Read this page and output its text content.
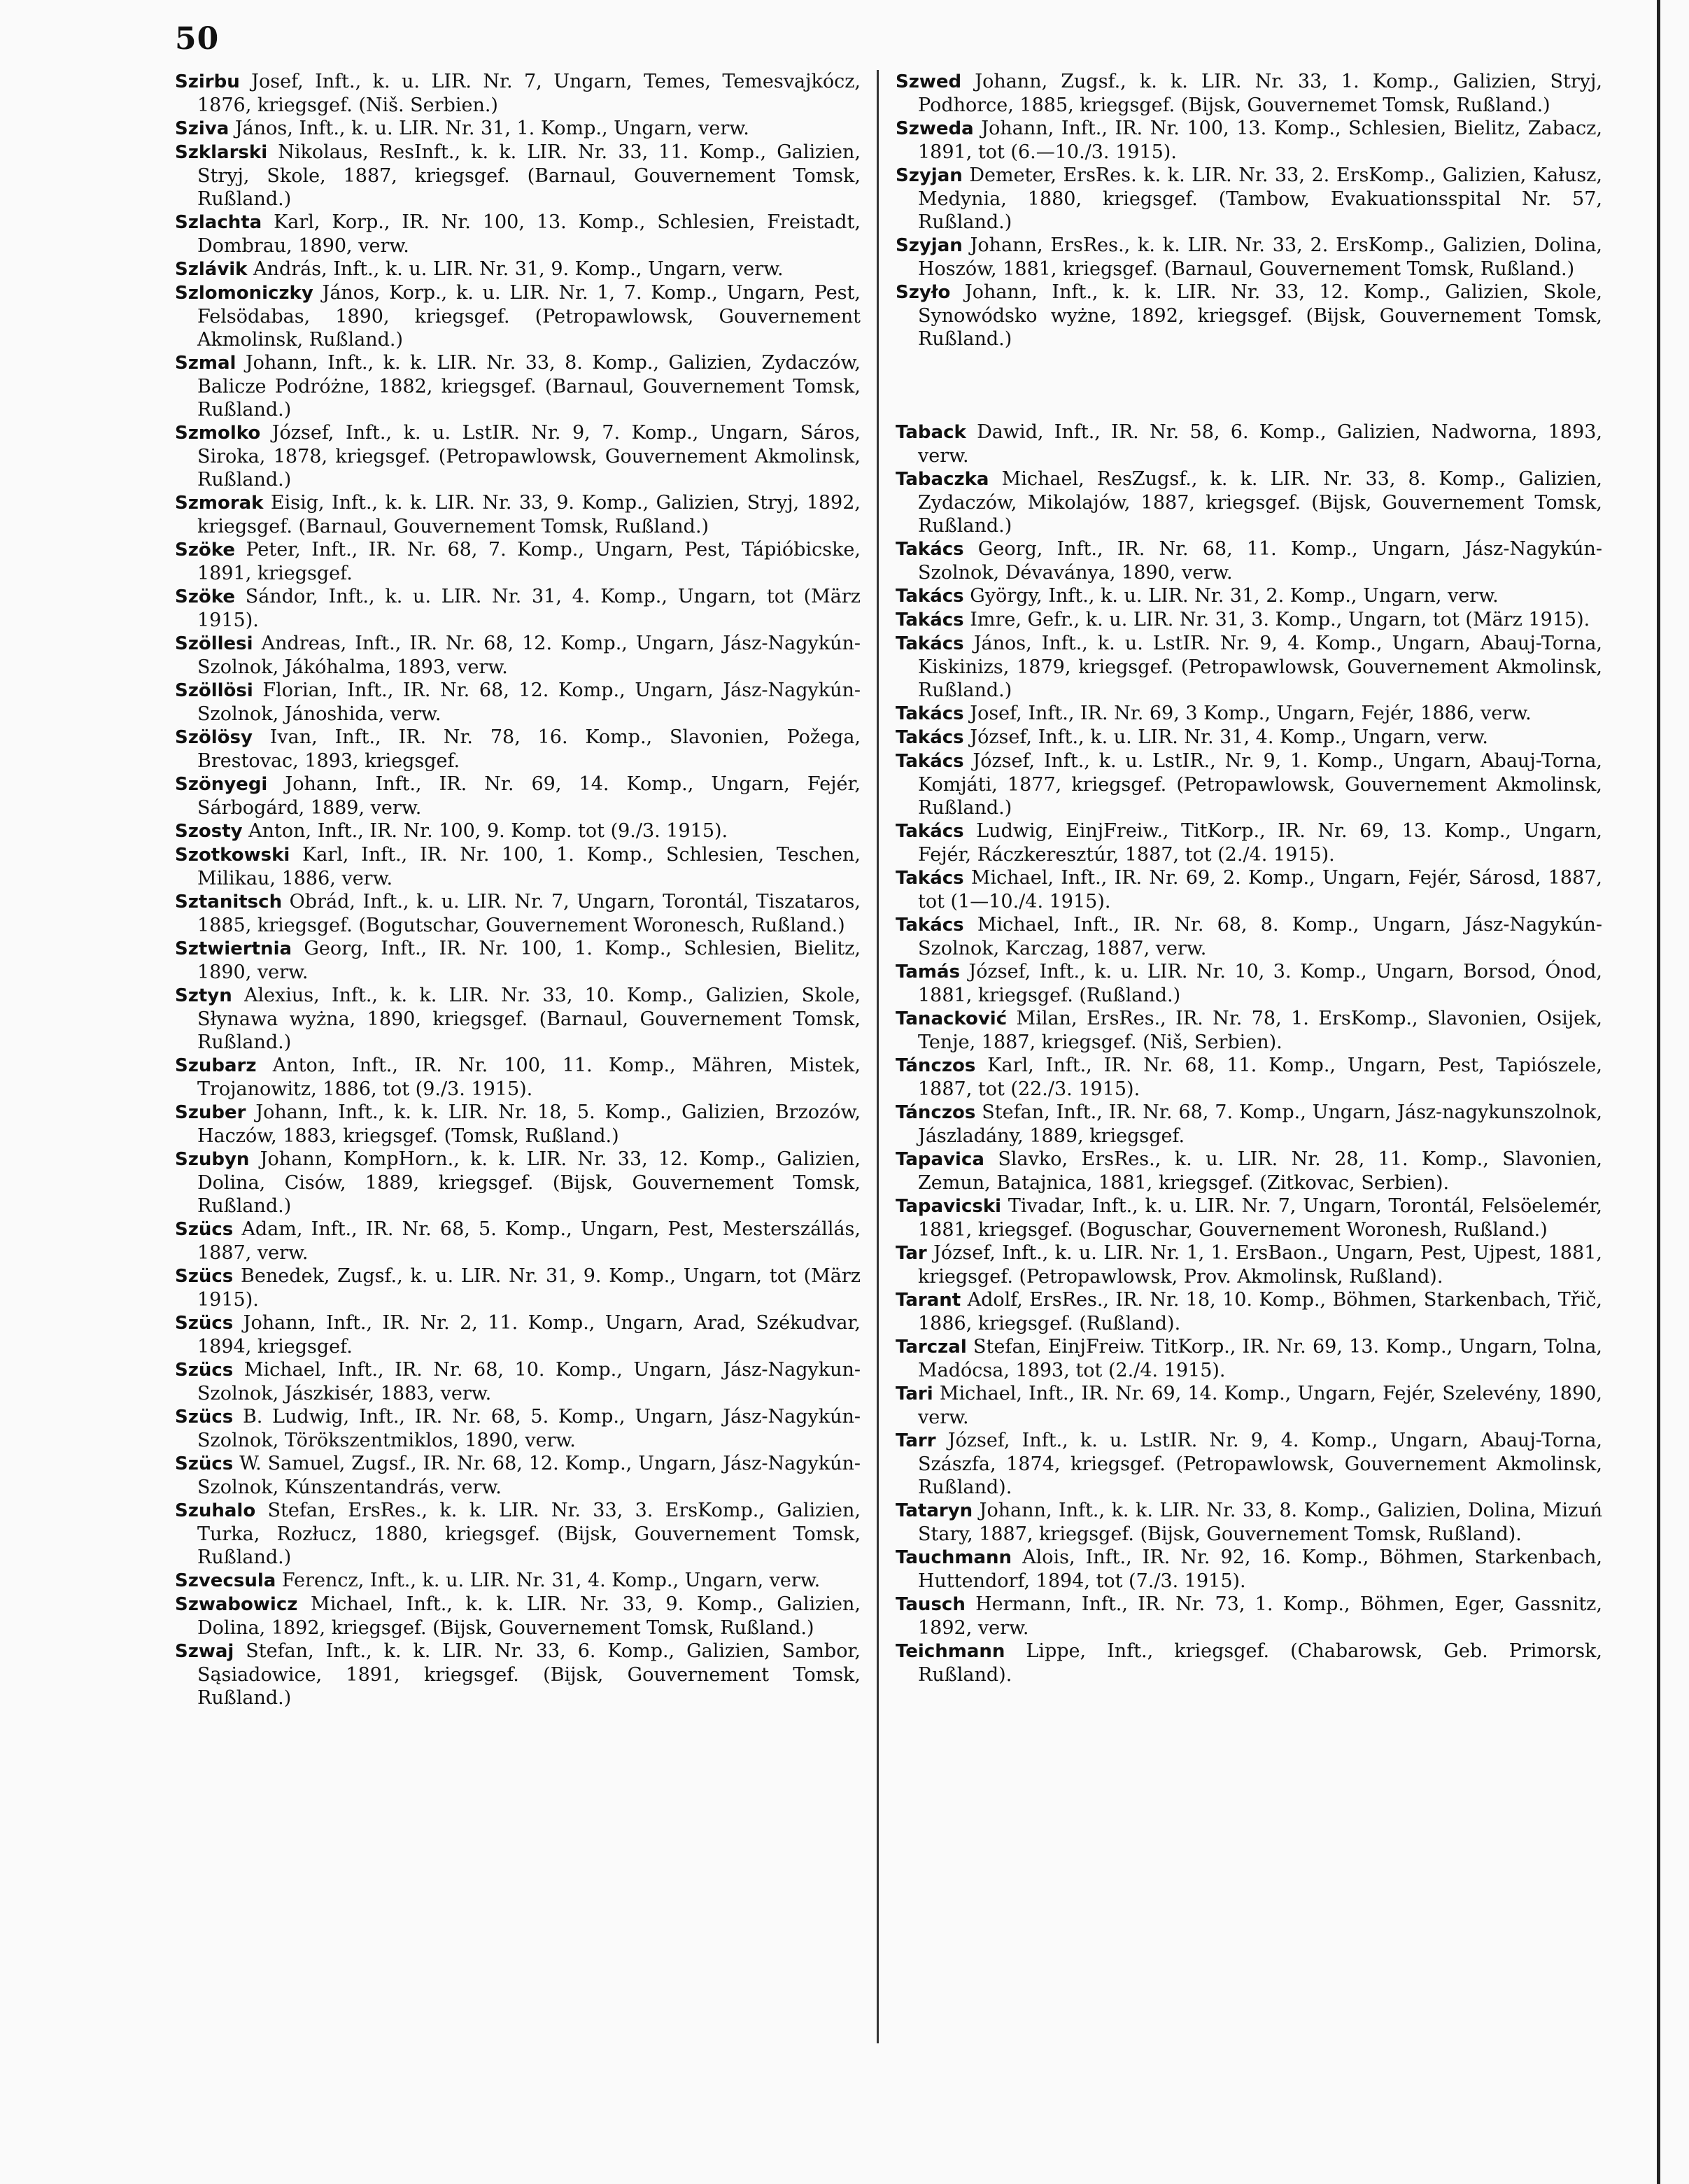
50

Szirbu Josef, Inft., k. u. LIR. Nr. 7, Ungarn, Temes, Temesvajkócz, 1876, kriegsgef. (Niš. Serbien.)

Sziva János, Inft., k. u. LIR. Nr. 31, 1. Komp., Ungarn, verw.

Szklarski Nikolaus, ResInft., k. k. LIR. Nr. 33, 11. Komp., Galizien, Stryj, Skole, 1887, kriegsgef. (Barnaul, Gouvernement Tomsk, Rußland.)

Szlachta Karl, Korp., IR. Nr. 100, 13. Komp., Schlesien, Freistadt, Dombrau, 1890, verw.

Szlávik András, Inft., k. u. LIR. Nr. 31, 9. Komp., Ungarn, verw.

Szlomoniczky János, Korp., k. u. LIR. Nr. 1, 7. Komp., Ungarn, Pest, Felsödabas, 1890, kriegsgef. (Petropawlowsk, Gouvernement Akmolinsk, Rußland.)

Szmal Johann, Inft., k. k. LIR. Nr. 33, 8. Komp., Galizien, Zydaczów, Balicze Podróżne, 1882, kriegsgef. (Barnaul, Gouvernement Tomsk, Rußland.)

Szmolko József, Inft., k. u. LstIR. Nr. 9, 7. Komp., Ungarn, Sáros, Siroka, 1878, kriegsgef. (Petropawlowsk, Gouvernement Akmolinsk, Rußland.)

Szmorak Eisig, Inft., k. k. LIR. Nr. 33, 9. Komp., Galizien, Stryj, 1892, kriegsgef. (Barnaul, Gouvernement Tomsk, Rußland.)

Szöke Peter, Inft., IR. Nr. 68, 7. Komp., Ungarn, Pest, Tápióbicske, 1891, kriegsgef.

Szöke Sándor, Inft., k. u. LIR. Nr. 31, 4. Komp., Ungarn, tot (März 1915).

Szöllesi Andreas, Inft., IR. Nr. 68, 12. Komp., Ungarn, Jász-Nagykún-Szolnok, Jákóhalma, 1893, verw.

Szöllösi Florian, Inft., IR. Nr. 68, 12. Komp., Ungarn, Jász-Nagykún-Szolnok, Jánoshida, verw.

Szölösy Ivan, Inft., IR. Nr. 78, 16. Komp., Slavonien, Požega, Brestovac, 1893, kriegsgef.

Szönyegi Johann, Inft., IR. Nr. 69, 14. Komp., Ungarn, Fejér, Sárbogárd, 1889, verw.

Szosty Anton, Inft., IR. Nr. 100, 9. Komp. tot (9./3. 1915).

Szotkowski Karl, Inft., IR. Nr. 100, 1. Komp., Schlesien, Teschen, Milikau, 1886, verw.

Sztanitsch Obrád, Inft., k. u. LIR. Nr. 7, Ungarn, Torontál, Tiszataros, 1885, kriegsgef. (Bogutschar, Gouvernement Woronesch, Rußland.)

Sztwiertnia Georg, Inft., IR. Nr. 100, 1. Komp., Schlesien, Bielitz, 1890, verw.

Sztyn Alexius, Inft., k. k. LIR. Nr. 33, 10. Komp., Galizien, Skole, Słynawa wyżna, 1890, kriegsgef. (Barnaul, Gouvernement Tomsk, Rußland.)

Szubarz Anton, Inft., IR. Nr. 100, 11. Komp., Mähren, Mistek, Trojanowitz, 1886, tot (9./3. 1915).

Szuber Johann, Inft., k. k. LIR. Nr. 18, 5. Komp., Galizien, Brzozów, Haczów, 1883, kriegsgef. (Tomsk, Rußland.)

Szubyn Johann, KompHorn., k. k. LIR. Nr. 33, 12. Komp., Galizien, Dolina, Cisów, 1889, kriegsgef. (Bijsk, Gouvernement Tomsk, Rußland.)

Szücs Adam, Inft., IR. Nr. 68, 5. Komp., Ungarn, Pest, Mesterszállás, 1887, verw.

Szücs Benedek, Zugsf., k. u. LIR. Nr. 31, 9. Komp., Ungarn, tot (März 1915).

Szücs Johann, Inft., IR. Nr. 2, 11. Komp., Ungarn, Arad, Székudvar, 1894, kriegsgef.

Szücs Michael, Inft., IR. Nr. 68, 10. Komp., Ungarn, Jász-Nagykun-Szolnok, Jászkisér, 1883, verw.

Szücs B. Ludwig, Inft., IR. Nr. 68, 5. Komp., Ungarn, Jász-Nagykún-Szolnok, Törökszentmiklos, 1890, verw.

Szücs W. Samuel, Zugsf., IR. Nr. 68, 12. Komp., Ungarn, Jász-Nagykún-Szolnok, Kúnszentandrás, verw.

Szuhalo Stefan, ErsRes., k. k. LIR. Nr. 33, 3. ErsKomp., Galizien, Turka, Rozłucz, 1880, kriegsgef. (Bijsk, Gouvernement Tomsk, Rußland.)

Szvecsula Ferencz, Inft., k. u. LIR. Nr. 31, 4. Komp., Ungarn, verw.

Szwabowicz Michael, Inft., k. k. LIR. Nr. 33, 9. Komp., Galizien, Dolina, 1892, kriegsgef. (Bijsk, Gouvernement Tomsk, Rußland.)

Szwaj Stefan, Inft., k. k. LIR. Nr. 33, 6. Komp., Galizien, Sambor, Sąsiadowice, 1891, kriegsgef. (Bijsk, Gouvernement Tomsk, Rußland.)

Szwed Johann, Zugsf., k. k. LIR. Nr. 33, 1. Komp., Galizien, Stryj, Podhorce, 1885, kriegsgef. (Bijsk, Gouvernemet Tomsk, Rußland.)

Szweda Johann, Inft., IR. Nr. 100, 13. Komp., Schlesien, Bielitz, Zabacz, 1891, tot (6.—10./3. 1915).

Szyjan Demeter, ErsRes. k. k. LIR. Nr. 33, 2. ErsKomp., Galizien, Kałusz, Medynia, 1880, kriegsgef. (Tambow, Evakuationsspital Nr. 57, Rußland.)

Szyjan Johann, ErsRes., k. k. LIR. Nr. 33, 2. ErsKomp., Galizien, Dolina, Hoszów, 1881, kriegsgef. (Barnaul, Gouvernement Tomsk, Rußland.)

Szyło Johann, Inft., k. k. LIR. Nr. 33, 12. Komp., Galizien, Skole, Synowódsko wyżne, 1892, kriegsgef. (Bijsk, Gouvernement Tomsk, Rußland.)

Taback Dawid, Inft., IR. Nr. 58, 6. Komp., Galizien, Nadworna, 1893, verw.

Tabaczka Michael, ResZugsf., k. k. LIR. Nr. 33, 8. Komp., Galizien, Zydaczów, Mikolajów, 1887, kriegsgef. (Bijsk, Gouvernement Tomsk, Rußland.)

Takács Georg, Inft., IR. Nr. 68, 11. Komp., Ungarn, Jász-Nagykún-Szolnok, Dévaványa, 1890, verw.

Takács György, Inft., k. u. LIR. Nr. 31, 2. Komp., Ungarn, verw.

Takács Imre, Gefr., k. u. LIR. Nr. 31, 3. Komp., Ungarn, tot (März 1915).

Takács János, Inft., k. u. LstIR. Nr. 9, 4. Komp., Ungarn, Abauj-Torna, Kiskinizs, 1879, kriegsgef. (Petropawlowsk, Gouvernement Akmolinsk, Rußland.)

Takács Josef, Inft., IR. Nr. 69, 3 Komp., Ungarn, Fejér, 1886, verw.

Takács József, Inft., k. u. LIR. Nr. 31, 4. Komp., Ungarn, verw.

Takács József, Inft., k. u. LstIR., Nr. 9, 1. Komp., Ungarn, Abauj-Torna, Komjáti, 1877, kriegsgef. (Petropawlowsk, Gouvernement Akmolinsk, Rußland.)

Takács Ludwig, EinjFreiw., TitKorp., IR. Nr. 69, 13. Komp., Ungarn, Fejér, Ráczkeresztúr, 1887, tot (2./4. 1915).

Takács Michael, Inft., IR. Nr. 69, 2. Komp., Ungarn, Fejér, Sárosd, 1887, tot (1—10./4. 1915).

Takács Michael, Inft., IR. Nr. 68, 8. Komp., Ungarn, Jász-Nagykún-Szolnok, Karczag, 1887, verw.

Tamás József, Inft., k. u. LIR. Nr. 10, 3. Komp., Ungarn, Borsod, Ónod, 1881, kriegsgef. (Rußland.)

Tanacković Milan, ErsRes., IR. Nr. 78, 1. ErsKomp., Slavonien, Osijek, Tenje, 1887, kriegsgef. (Niš, Serbien).

Tánczos Karl, Inft., IR. Nr. 68, 11. Komp., Ungarn, Pest, Tapiószele, 1887, tot (22./3. 1915).

Tánczos Stefan, Inft., IR. Nr. 68, 7. Komp., Ungarn, Jász-nagykunszolnok, Jászladány, 1889, kriegsgef.

Tapavica Slavko, ErsRes., k. u. LIR. Nr. 28, 11. Komp., Slavonien, Zemun, Batajnica, 1881, kriegsgef. (Zitkovac, Serbien).

Tapavicski Tivadar, Inft., k. u. LIR. Nr. 7, Ungarn, Torontál, Felsöelemér, 1881, kriegsgef. (Boguschar, Gouvernement Woronesh, Rußland.)

Tar József, Inft., k. u. LIR. Nr. 1, 1. ErsBaon., Ungarn, Pest, Ujpest, 1881, kriegsgef. (Petropawlowsk, Prov. Akmolinsk, Rußland).

Tarant Adolf, ErsRes., IR. Nr. 18, 10. Komp., Böhmen, Starkenbach, Třič, 1886, kriegsgef. (Rußland).

Tarczal Stefan, EinjFreiw. TitKorp., IR. Nr. 69, 13. Komp., Ungarn, Tolna, Madócsa, 1893, tot (2./4. 1915).

Tari Michael, Inft., IR. Nr. 69, 14. Komp., Ungarn, Fejér, Szelevény, 1890, verw.

Tarr József, Inft., k. u. LstIR. Nr. 9, 4. Komp., Ungarn, Abauj-Torna, Szászfa, 1874, kriegsgef. (Petropawlowsk, Gouvernement Akmolinsk, Rußland).

Tataryn Johann, Inft., k. k. LIR. Nr. 33, 8. Komp., Galizien, Dolina, Mizuń Stary, 1887, kriegsgef. (Bijsk, Gouvernement Tomsk, Rußland).

Tauchmann Alois, Inft., IR. Nr. 92, 16. Komp., Böhmen, Starkenbach, Huttendorf, 1894, tot (7./3. 1915).

Tausch Hermann, Inft., IR. Nr. 73, 1. Komp., Böhmen, Eger, Gassnitz, 1892, verw.

Teichmann Lippe, Inft., kriegsgef. (Chabarowsk, Geb. Primorsk, Rußland).
